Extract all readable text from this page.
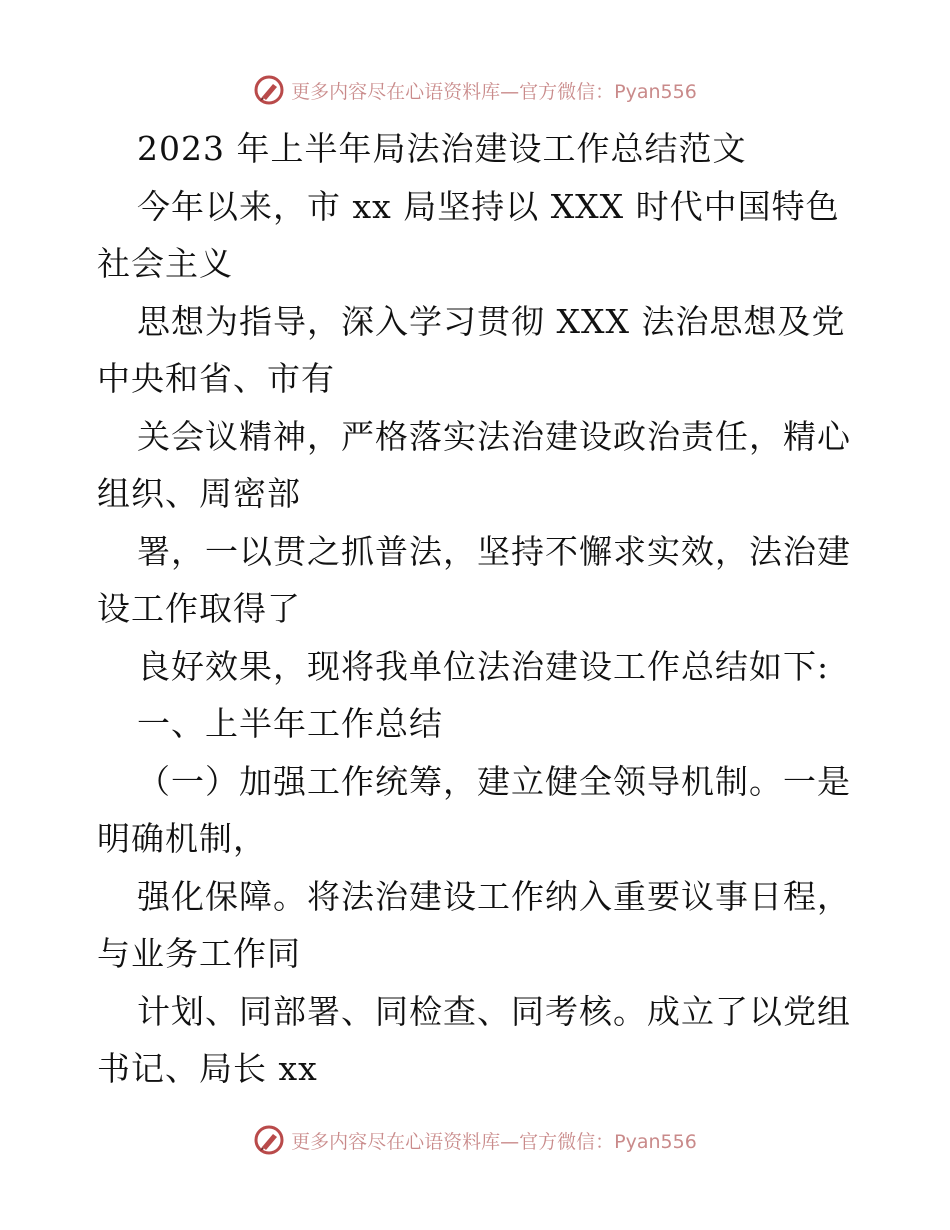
更多内容尽在心语资料库—官方微信：Pyan556
2023 年上半年局法治建设工作总结范文
今年以来，市 xx 局坚持以 XXX 时代中国特色
社会主义
思想为指导，深入学习贯彻 XXX 法治思想及党
中央和省、市有
关会议精神，严格落实法治建设政治责任，精心
组织、周密部
署，一以贯之抓普法，坚持不懈求实效，法治建
设工作取得了
良好效果，现将我单位法治建设工作总结如下:
一、上半年工作总结
（一）加强工作统筹，建立健全领导机制。一是
明确机制，
强化保障。将法治建设工作纳入重要议事日程，
与业务工作同
计划、同部署、同检查、同考核。成立了以党组
书记、局长 xx
更多内容尽在心语资料库—官方微信：Pyan556
